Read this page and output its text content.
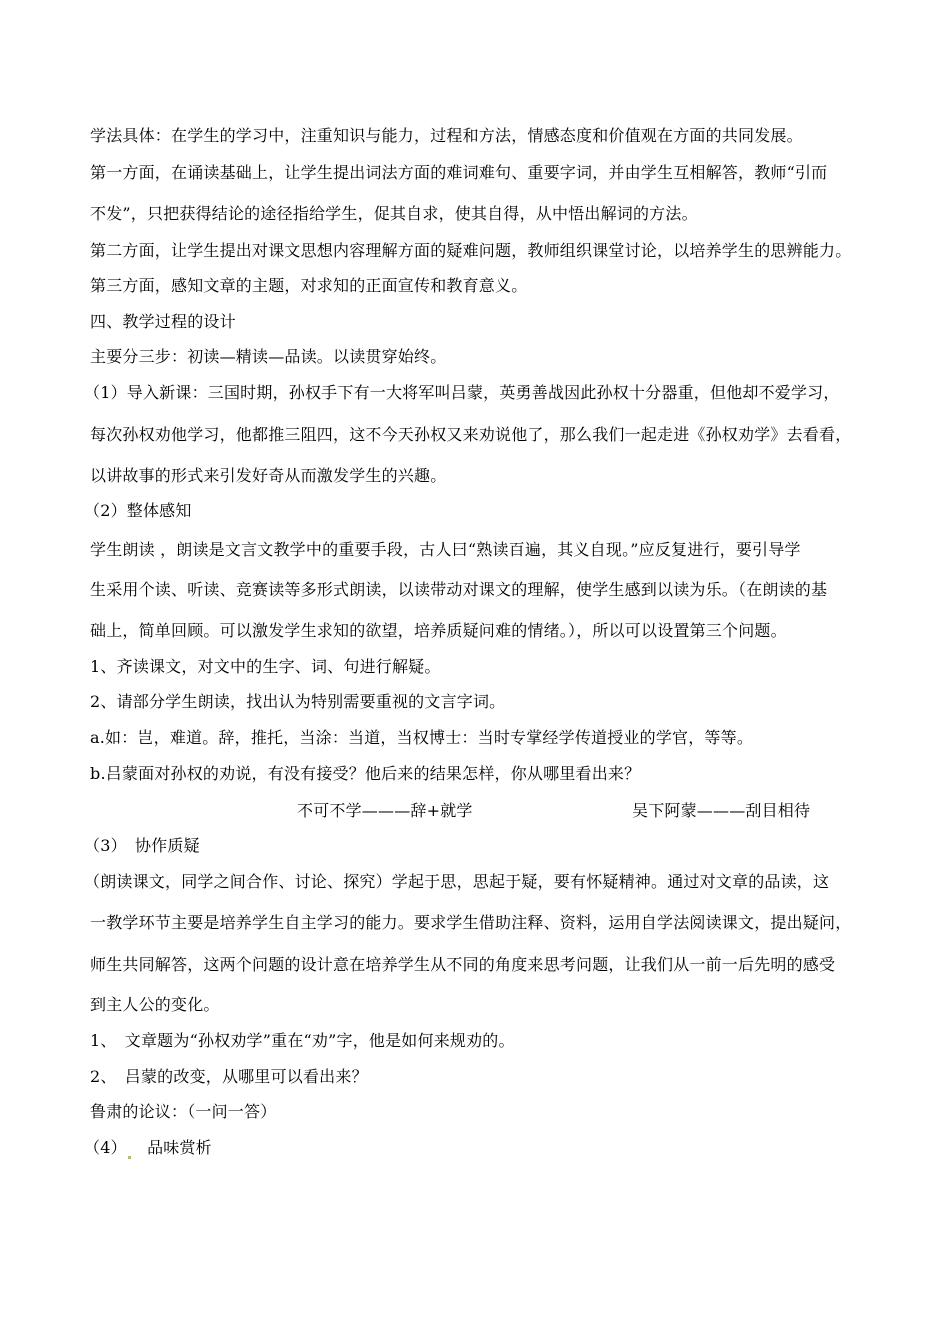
学法具体：在学生的学习中，注重知识与能力，过程和方法，情感态度和价值观在方面的共同发展。
第一方面，在诵读基础上，让学生提出词法方面的难词难句、重要字词，并由学生互相解答，教师“引而
不发”，只把获得结论的途径指给学生，促其自求，使其自得，从中悟出解词的方法。
第二方面，让学生提出对课文思想内容理解方面的疑难问题，教师组织课堂讨论，以培养学生的思辨能力。
第三方面，感知文章的主题，对求知的正面宣传和教育意义。
四、教学过程的设计
主要分三步：初读—精读—品读。以读贯穿始终。
（1）导入新课：三国时期，孙权手下有一大将军叫吕蒙，英勇善战因此孙权十分器重，但他却不爱学习，
每次孙权劝他学习，他都推三阻四，这不今天孙权又来劝说他了，那么我们一起走进《孙权劝学》去看看，
以讲故事的形式来引发好奇从而激发学生的兴趣。
（2）整体感知
学生朗读 ，朗读是文言文教学中的重要手段，古人曰“熟读百遍，其义自现。”应反复进行，要引导学
生采用个读、听读、竞赛读等多形式朗读，以读带动对课文的理解，使学生感到以读为乐。（在朗读的基
础上，简单回顾。可以激发学生求知的欲望，培养质疑问难的情绪。），所以可以设置第三个问题。
1、齐读课文，对文中的生字、词、句进行解疑。
2、请部分学生朗读，找出认为特别需要重视的文言字词。
a.如：岂，难道。辞，推托，当涂：当道，当权博士：当时专掌经学传道授业的学官，等等。
b.吕蒙面对孙权的劝说，有没有接受？他后来的结果怎样，你从哪里看出来？
不可不学———辞+就学	吴下阿蒙———刮目相待
（3）　协作质疑
（朗读课文，同学之间合作、讨论、探究）学起于思，思起于疑，要有怀疑精神。通过对文章的品读，这
一教学环节主要是培养学生自主学习的能力。要求学生借助注释、资料，运用自学法阅读课文，提出疑问，
师生共同解答，这两个问题的设计意在培养学生从不同的角度来思考问题，让我们从一前一后先明的感受
到主人公的变化。
1、　文章题为“孙权劝学”重在“劝”字，他是如何来规劝的。
2、　吕蒙的改变，从哪里可以看出来？
鲁肃的论议：（一问一答）
（4） 品味赏析
